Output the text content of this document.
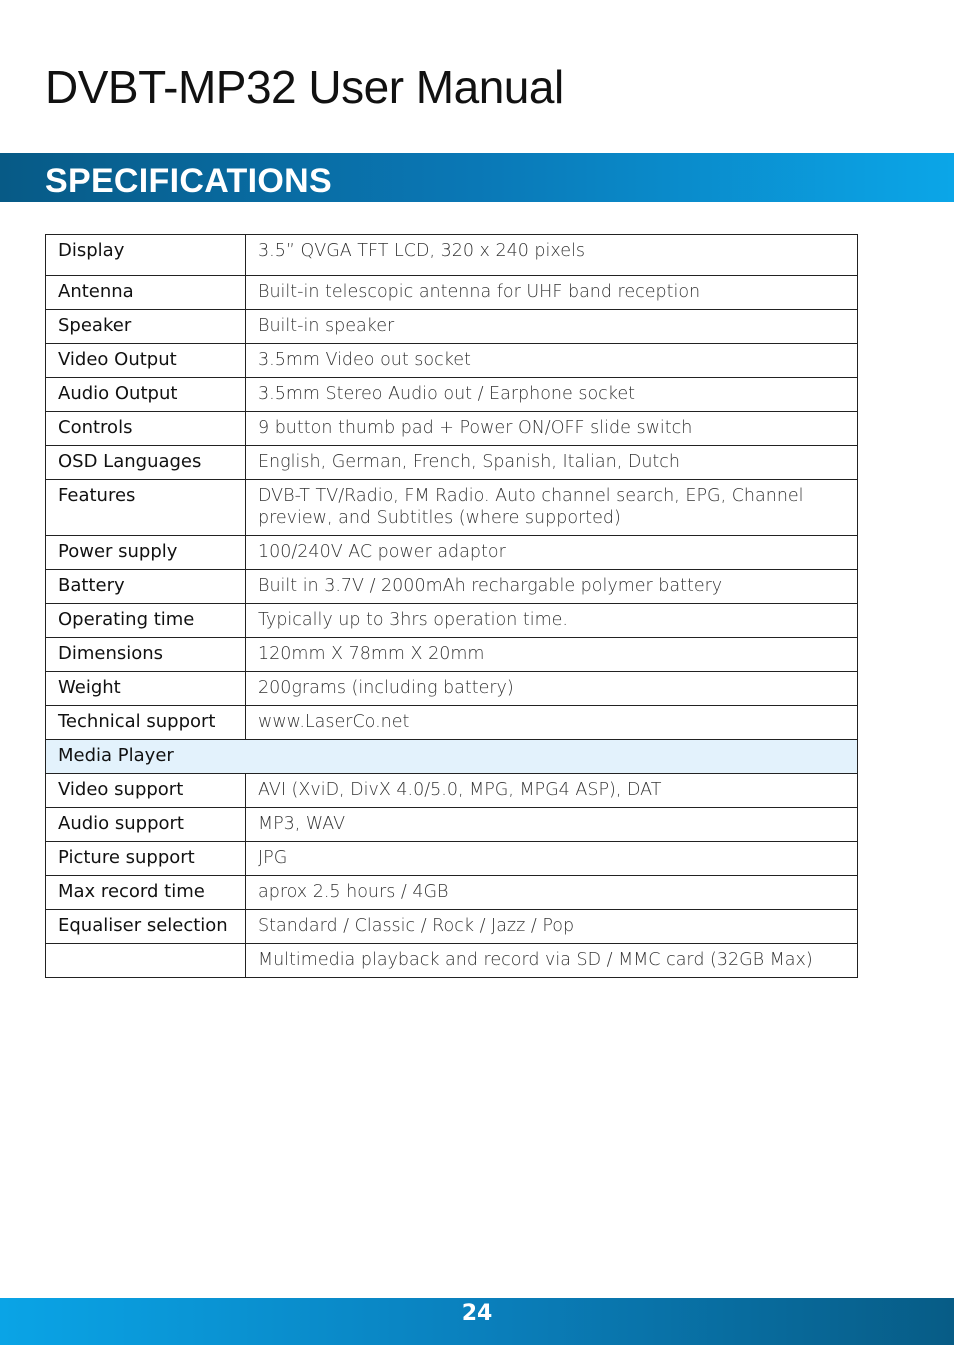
DVBT-MP32 User Manual
SPECIFICATIONS
Display	3.5” QVGA TFT LCD, 320 x 240 pixels
Antenna	Built-in telescopic antenna for UHF band reception
Speaker	Built-in speaker
Video Output	3.5mm Video out socket
Audio Output	3.5mm Stereo Audio out / Earphone socket
Controls	9 button thumb pad + Power ON/OFF slide switch
OSD Languages	English, German, French, Spanish, Italian, Dutch
Features	DVB-T TV/Radio, FM Radio. Auto channel search, EPG, Channel preview, and Subtitles (where supported)
Power supply	100/240V AC power adaptor
Battery	Built in 3.7V / 2000mAh rechargable polymer battery
Operating time	Typically up to 3hrs operation time.
Dimensions	120mm X 78mm X 20mm
Weight	200grams (including battery)
Technical support	www.LaserCo.net
Media Player	
Video support	AVI (XviD, DivX 4.0/5.0, MPG, MPG4 ASP), DAT
Audio support	MP3, WAV
Picture support	JPG
Max record time	aprox 2.5 hours / 4GB
Equaliser selection	Standard / Classic / Rock / Jazz / Pop
	Multimedia playback and record via SD / MMC card (32GB Max)
24
